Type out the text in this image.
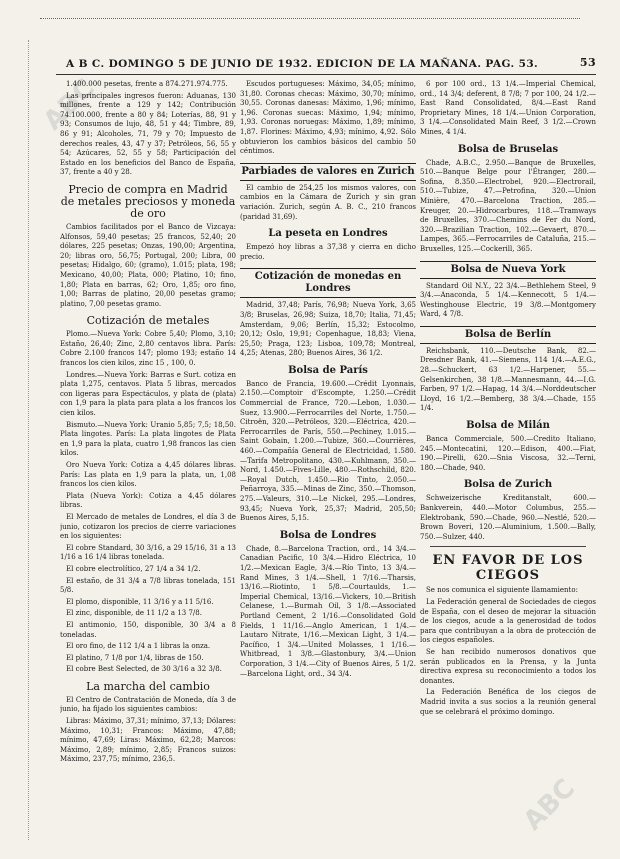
ABC
ABC
A B C. DOMINGO 5 DE JUNIO DE 1932. EDICION DE LA MAÑANA. PAG. 53.	53

1.400.000 pesetas, frente a 874.271.974.775.

Las principales ingresos fueron: Aduanas, 130 millones, frente a 129 y 142; Contribución 74.100.000, frente a 80 y 84; Loterías, 88, 91 y 93; Consumos de lujo, 48, 51 y 44; Timbre, 89, 86 y 91; Alcoholes, 71, 79 y 70; Impuesto de derechos reales, 43, 47 y 37; Petróleos, 56, 55 y 54; Azúcares, 52, 55 y 58; Participación del Estado en los beneficios del Banco de España, 37, frente a 40 y 28.

Precio de compra en Madrid de metales preciosos y moneda de oro

Cambios facilitados por el Banco de Vizcaya: Alfonsos, 59,40 pesetas; 25 francos, 52,40; 20 dólares, 225 pesetas; Onzas, 190,00; Argentina, 20; libras oro, 56,75; Portugal, 200; Libra, 00 pesetas; Hidalgo, 60; (gramo), 1.015; plata, 198; Mexicano, 40,00; Plata, 000; Platino, 10; fino, 1,80; Plata en barras, 62; Oro, 1,85; oro fino, 1,00; Barras de platino, 20,00 pesetas gramo; platino, 7,00 pesetas gramo.

Cotización de metales

Plomo.—Nueva York: Cobre 5,40; Plomo, 3,10; Estaño, 26,40; Zinc, 2,80 centavos libra. París: Cobre 2.100 francos 147; plomo 193; estaño 14 francos los cien kilos, zinc 15 , 100, 0.

Londres.—Nueva York: Barras e Surt. cotiza en plata 1,275, centavos. Plata 5 libras, mercados con ligeras para Espectáculos, y plata de (plata) con 1,9 para la plata para plata a los francos los cien kilos.

Bismuto.—Nueva York: Uranio 5,85; 7,5; 18,50. Plata lingotes. París: La plata lingotes de Plata en 1,9 para la plata, cuatro 1,98 francos las cien kilos.

Oro Nueva York: Cotiza a 4,45 dólares libras. París: Las plata en 1,9 para la plata, un, 1,08 francos los cien kilos.

Plata (Nueva York): Cotiza a 4,45 dólares libras.

El Mercado de metales de Londres, el día 3 de junio, cotizaron los precios de cierre variaciones en los siguientes:

El cobre Standard, 30 3/16, a 29 15/16, 31 a 13 1/16 a 16 1/4 libras tonelada.

El cobre electrolítico, 27 1/4 a 34 1/2.

El estaño, de 31 3/4 a 7/8 libras tonelada, 151 5/8.

El plomo, disponible, 11 3/16 y a 11 5/16.

El zinc, disponible, de 11 1/2 a 13 7/8.

El antimonio, 150, disponible, 30 3/4 a 8 toneladas.

El oro fino, de 112 1/4 a 1 libras la onza.

El platino, 7 1/8 por 1/4, libras de 150.

El cobre Best Selected, de 30 3/16 a 32 3/8.

La marcha del cambio

El Centro de Contratación de Moneda, día 3 de junio, ha fijado los siguientes cambios:

Libras: Máximo, 37,31; mínimo, 37,13; Dólares: Máximo, 10,31; Francos: Máximo, 47,88; mínimo, 47,69; Liras: Máximo, 62,28; Marcos: Máximo, 2,89; mínimo, 2,85; Francos suizos: Máximo, 237,75; mínimo, 236,5.

Escudos portugueses: Máximo, 34,05; mínimo, 31,80. Coronas checas: Máximo, 30,70; mínimo, 30,55. Coronas danesas: Máximo, 1,96; mínimo, 1,96. Coronas suecas: Máximo, 1,94; mínimo, 1,93. Coronas noruegas: Máximo, 1,89; mínimo, 1,87. Florines: Máximo, 4,93; mínimo, 4,92. Sólo obtuvieron los cambios básicos del cambio 50 céntimos.

Parbiades de valores en Zurich

El cambio de 254,25 los mismos valores, con cambios en la Cámara de Zurich y sin gran variación. Zurich, según A. B. C., 210 francos (paridad 31,69).

La peseta en Londres

Empezó hoy libras a 37,38 y cierra en dicho precio.

Cotización de monedas en Londres

Madrid, 37,48; París, 76,98; Nueva York, 3,65 3/8; Bruselas, 26,98; Suiza, 18,70; Italia, 71,45; Amsterdam, 9,06; Berlín, 15,32; Estocolmo, 20,12; Oslo, 19,91; Copenhague, 18,83; Viena, 25,50; Praga, 123; Lisboa, 109,78; Montreal, 4,25; Atenas, 280; Buenos Aires, 36 1/2.

Bolsa de París

Banco de Francia, 19.600.—Crédit Lyonnais, 2.150.—Comptoir d'Escompte, 1.250.—Crédit Commercial de France, 720.—Lebon, 1.030.—Suez, 13.900.—Ferrocarriles del Norte, 1.750.—Citroën, 320.—Petróleos, 320.—Eléctrica, 420.—Ferrocarriles de París, 550.—Pechiney, 1.015.—Saint Gobain, 1.200.—Tubize, 360.—Courrières, 460.—Compañía General de Electricidad, 1.580.—Tarifa Metropolitano, 430.—Kuhlmann, 350.—Nord, 1.450.—Fives-Lille, 480.—Rothschild, 820.—Royal Dutch, 1.450.—Rio Tinto, 2.050.—Peñarroya, 335.—Minas de Zinc, 350.—Thomson, 275.—Valeurs, 310.—Le Nickel, 295.—Londres, 93,45; Nueva York, 25,37; Madrid, 205,50; Buenos Aires, 5,15.

Bolsa de Londres

Chade, 8.—Barcelona Traction, ord., 14 3/4.—Canadian Pacific, 10 3/4.—Hidro Eléctrica, 10 1/2.—Mexican Eagle, 3/4.—Río Tinto, 13 3/4.—Rand Mines, 3 1/4.—Shell, 1 7/16.—Tharsis, 13/16.—Riotinto, 1 5/8.—Courtaulds, 1.—Imperial Chemical, 13/16.—Vickers, 10.—British Celanese, 1.—Burmah Oil, 3 1/8.—Associated Portland Cement, 2 1/16.—Consolidated Gold Fields, 1 11/16.—Anglo American, 1 1/4.—Lautaro Nitrate, 1/16.—Mexican Light, 3 1/4.—Pacífico, 1 3/4.—United Molasses, 1 1/16.—Whitbread, 1 3/8.—Glastonbury, 3/4.—Union Corporation, 3 1/4.—City of Buenos Aires, 5 1/2.—Barcelona Light, ord., 34 3/4.

6 por 100 ord., 13 1/4.—Imperial Chemical, ord., 14 3/4; deferent, 8 7/8; 7 por 100, 24 1/2.—East Rand Consolidated, 8/4.—East Rand Proprietary Mines, 18 1/4.—Union Corporation, 3 1/4.—Consolidated Main Reef, 3 1/2.—Crown Mines, 4 1/4.

Bolsa de Bruselas

Chade, A.B.C., 2.950.—Banque de Bruxelles, 510.—Banque Belge pour l'Étranger, 280.—Sofina, 8.350.—Electrobel, 920.—Electrorail, 510.—Tubize, 47.—Petrofina, 320.—Union Minière, 470.—Barcelona Traction, 285.—Kreuger, 20.—Hidrocarbures, 118.—Tramways de Bruxelles, 370.—Chemins de Fer du Nord, 320.—Brazilian Traction, 102.—Gevaert, 870.—Lampes, 365.—Ferrocarriles de Cataluña, 215.—Bruxelles, 125.—Cockerill, 365.

Bolsa de Nueva York

Standard Oil N.Y., 22 3/4.—Bethlehem Steel, 9 3/4.—Anaconda, 5 1/4.—Kennecott, 5 1/4.—Westinghouse Electric, 19 3/8.—Montgomery Ward, 4 7/8.

Bolsa de Berlín

Reichsbank, 110.—Deutsche Bank, 82.—Dresdner Bank, 41.—Siemens, 114 1/4.—A.E.G., 28.—Schuckert, 63 1/2.—Harpener, 55.—Gelsenkirchen, 38 1/8.—Mannesmann, 44.—I.G. Farben, 97 1/2.—Hapag, 14 3/4.—Norddeutscher Lloyd, 16 1/2.—Bemberg, 38 3/4.—Chade, 155 1/4.

Bolsa de Milán

Banca Commerciale, 500.—Credito Italiano, 245.—Montecatini, 120.—Edison, 400.—Fiat, 190.—Pirelli, 620.—Snia Viscosa, 32.—Terni, 180.—Chade, 940.

Bolsa de Zurich

Schweizerische Kreditanstalt, 600.—Bankverein, 440.—Motor Columbus, 255.—Elektrobank, 590.—Chade, 960.—Nestlé, 520.—Brown Boveri, 120.—Aluminium, 1.500.—Bally, 750.—Sulzer, 440.

EN FAVOR DE LOS CIEGOS

Se nos comunica el siguiente llamamiento:

La Federación general de Sociedades de ciegos de España, con el deseo de mejorar la situación de los ciegos, acude a la generosidad de todos para que contribuyan a la obra de protección de los ciegos españoles.

Se han recibido numerosos donativos que serán publicados en la Prensa, y la Junta directiva expresa su reconocimiento a todos los donantes.

La Federación Benéfica de los ciegos de Madrid invita a sus socios a la reunión general que se celebrará el próximo domingo.
